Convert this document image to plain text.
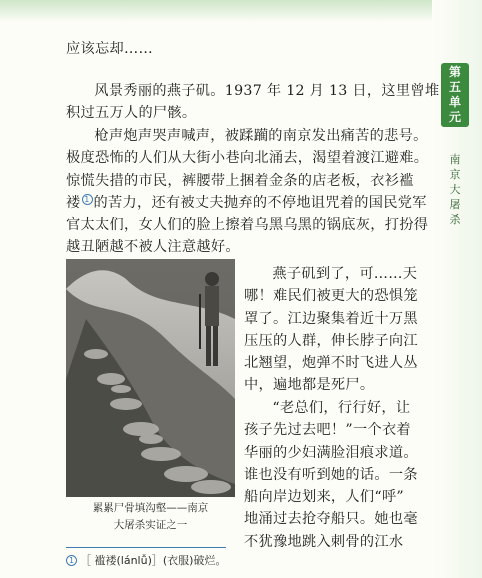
应该忘却……
风景秀丽的燕子矶。1937 年 12 月 13 日，这里曾堆
积过五万人的尸骸。
枪声炮声哭声喊声，被蹂躏的南京发出痛苦的悲号。
极度恐怖的人们从大街小巷向北涌去，渴望着渡江避难。
惊慌失措的市民，裤腰带上捆着金条的店老板，衣衫褴
褛 1 的苦力，还有被丈夫抛弃的不停地诅咒着的国民党军
官太太们，女人们的脸上擦着乌黑乌黑的锅底灰，打扮得
越丑陋越不被人注意越好。
累累尸骨填沟壑——南京
大屠杀实证之一
燕子矶到了，可……天
哪！难民们被更大的恐惧笼
罩了。江边聚集着近十万黑
压压的人群，伸长脖子向江
北翘望，炮弹不时飞进人丛
中，遍地都是死尸。
“老总们，行行好，让
孩子先过去吧！”一个衣着
华丽的少妇满脸泪痕求道。
谁也没有听到她的话。一条
船向岸边划来，人们“呼”
地涌过去抢夺船只。她也毫
不犹豫地跳入刺骨的江水
1 ［ 褴褛(lánlǚ)］(衣服)破烂。
第
五
单
元
南
京
大
屠
杀
